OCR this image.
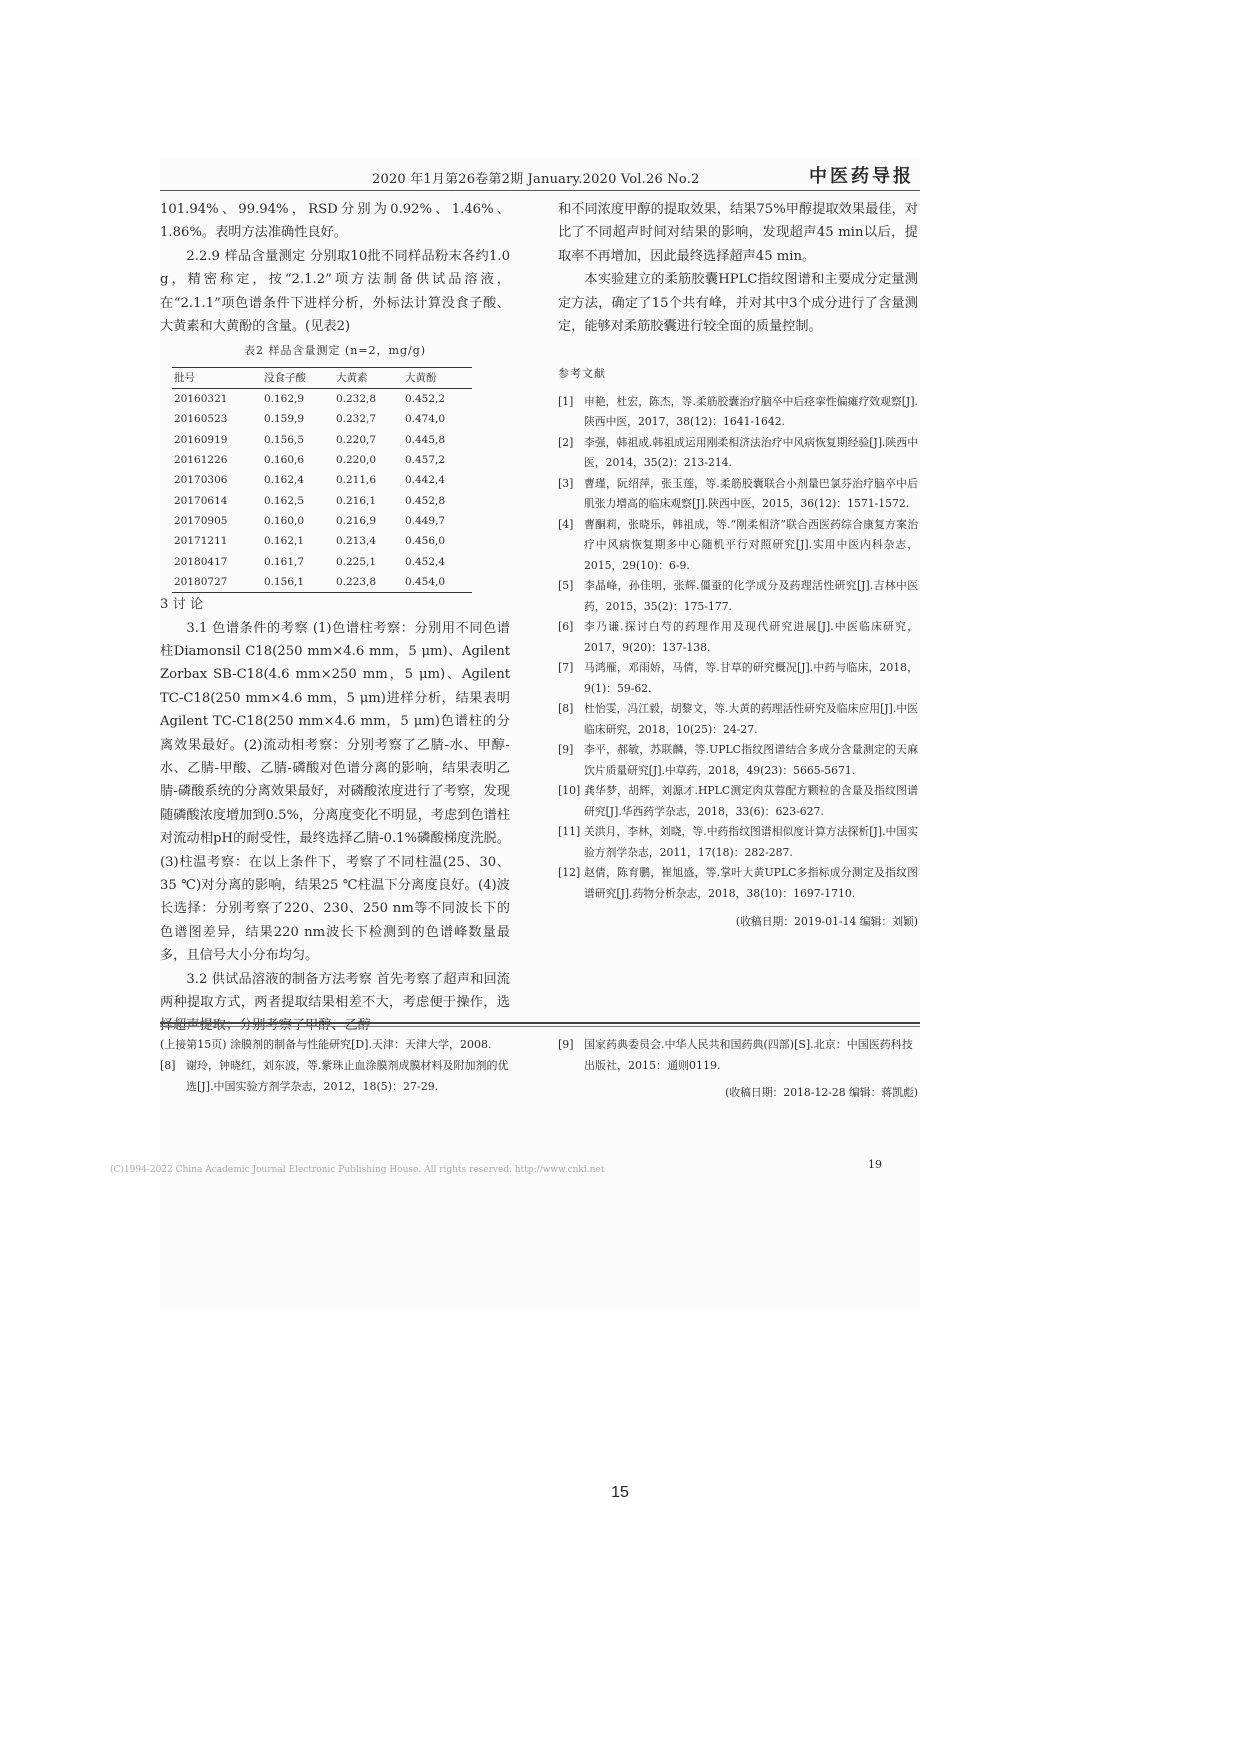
2020 年1月第26卷第2期 January.2020 Vol.26 No.2	中医药导报

101.94%、99.94%，RSD分别为0.92%、1.46%、1.86%。表明方法准确性良好。

2.2.9 样品含量测定 分别取10批不同样品粉末各约1.0 g，精密称定，按“2.1.2”项方法制备供试品溶液，在“2.1.1”项色谱条件下进样分析，外标法计算没食子酸、大黄素和大黄酚的含量。(见表2)

表2 样品含量测定 (n=2，mg/g)
批号	没食子酸	大黄素	大黄酚
20160321	0.162,9	0.232,8	0.452,2
20160523	0.159,9	0.232,7	0.474,0
20160919	0.156,5	0.220,7	0.445,8
20161226	0.160,6	0.220,0	0.457,2
20170306	0.162,4	0.211,6	0.442,4
20170614	0.162,5	0.216,1	0.452,8
20170905	0.160,0	0.216,9	0.449,7
20171211	0.162,1	0.213,4	0.456,0
20180417	0.161,7	0.225,1	0.452,4
20180727	0.156,1	0.223,8	0.454,0

3 讨 论

3.1 色谱条件的考察 (1)色谱柱考察：分别用不同色谱柱Diamonsil C18(250 mm×4.6 mm，5 μm)、Agilent Zorbax SB-C18(4.6 mm×250 mm，5 μm)、Agilent TC-C18(250 mm×4.6 mm，5 μm)进样分析，结果表明Agilent TC-C18(250 mm×4.6 mm，5 μm)色谱柱的分离效果最好。(2)流动相考察：分别考察了乙腈-水、甲醇-水、乙腈-甲酸、乙腈-磷酸对色谱分离的影响，结果表明乙腈-磷酸系统的分离效果最好，对磷酸浓度进行了考察，发现随磷酸浓度增加到0.5%，分离度变化不明显，考虑到色谱柱对流动相pH的耐受性，最终选择乙腈-0.1%磷酸梯度洗脱。(3)柱温考察：在以上条件下，考察了不同柱温(25、30、35 ℃)对分离的影响，结果25 ℃柱温下分离度良好。(4)波长选择：分别考察了220、230、250 nm等不同波长下的色谱图差异，结果220 nm波长下检测到的色谱峰数量最多，且信号大小分布均匀。

3.2 供试品溶液的制备方法考察 首先考察了超声和回流两种提取方式，两者提取结果相差不大，考虑便于操作，选择超声提取；分别考察了甲醇、乙醇

和不同浓度甲醇的提取效果，结果75%甲醇提取效果最佳，对比了不同超声时间对结果的影响，发现超声45 min以后，提取率不再增加，因此最终选择超声45 min。

本实验建立的柔筋胶囊HPLC指纹图谱和主要成分定量测定方法，确定了15个共有峰，并对其中3个成分进行了含量测定，能够对柔筋胶囊进行较全面的质量控制。

参考文献
[1] 申艳，杜宏，陈杰，等.柔筋胶囊治疗脑卒中后痉挛性偏瘫疗效观察[J].陕西中医，2017，38(12)：1641-1642.
[2] 李强，韩祖成.韩祖成运用刚柔相济法治疗中风病恢复期经验[J].陕西中医，2014，35(2)：213-214.
[3] 曹瑾，阮绍萍，张玉莲，等.柔筋胶囊联合小剂量巴氯芬治疗脑卒中后肌张力增高的临床观察[J].陕西中医，2015，36(12)：1571-1572.
[4] 曹酮莉，张晓乐，韩祖成，等.“刚柔相济”联合西医药综合康复方案治疗中风病恢复期多中心随机平行对照研究[J].实用中医内科杂志，2015，29(10)：6-9.
[5] 李晶峰，孙佳明，张辉.僵蚕的化学成分及药理活性研究[J].吉林中医药，2015，35(2)：175-177.
[6] 李乃谦.探讨白芍的药理作用及现代研究进展[J].中医临床研究，2017，9(20)：137-138.
[7] 马鸿雁，邓雨娇，马倩，等.甘草的研究概况[J].中药与临床，2018，9(1)：59-62.
[8] 杜怡雯，冯江毅，胡黎文，等.大黄的药理活性研究及临床应用[J].中医临床研究，2018，10(25)：24-27.
[9] 李平，郝敏，苏联麟，等.UPLC指纹图谱结合多成分含量测定的天麻饮片质量研究[J].中草药，2018，49(23)：5665-5671.
[10] 龚华梦，胡辉，刘源才.HPLC测定肉苁蓉配方颗粒的含量及指纹图谱研究[J].华西药学杂志，2018，33(6)：623-627.
[11] 关洪月，李林，刘晓，等.中药指纹图谱相似度计算方法探析[J].中国实验方剂学杂志，2011，17(18)：282-287.
[12] 赵倩，陈育鹏，崔旭盛，等.掌叶大黄UPLC多指标成分测定及指纹图谱研究[J].药物分析杂志，2018，38(10)：1697-1710.
(收稿日期：2019-01-14 编辑：刘颖)
(上接第15页) 涂膜剂的制备与性能研究[D].天津：天津大学，2008.
[8] 谢玲，钟晓红，刘东波，等.紫珠止血涂膜剂成膜材料及附加剂的优选[J].中国实验方剂学杂志，2012，18(5)：27-29.
[9] 国家药典委员会.中华人民共和国药典(四部)[S].北京：中国医药科技出版社，2015：通则0119.
(收稿日期：2018-12-28 编辑：蒋凯彪)
(C)1994-2022 China Academic Journal Electronic Publishing House. All rights reserved. http://www.cnki.net	19
15
